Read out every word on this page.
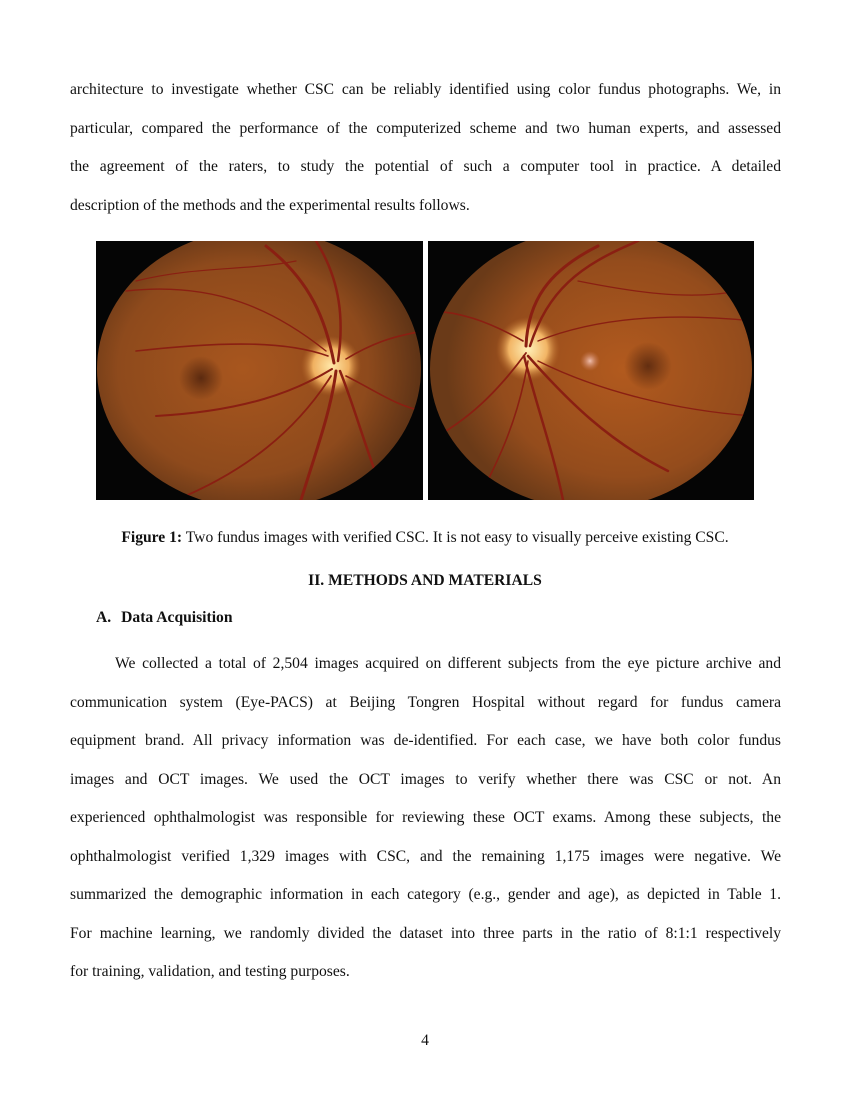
architecture to investigate whether CSC can be reliably identified using color fundus photographs. We, in
particular, compared the performance of the computerized scheme and two human experts, and assessed
the agreement of the raters, to study the potential of such a computer tool in practice. A detailed
description of the methods and the experimental results follows.

Figure 1: Two fundus images with verified CSC. It is not easy to visually perceive existing CSC.

II. METHODS AND MATERIALS
A. Data Acquisition
We collected a total of 2,504 images acquired on different subjects from the eye picture archive and
communication system (Eye-PACS) at Beijing Tongren Hospital without regard for fundus camera
equipment brand. All privacy information was de-identified. For each case, we have both color fundus
images and OCT images. We used the OCT images to verify whether there was CSC or not. An
experienced ophthalmologist was responsible for reviewing these OCT exams. Among these subjects, the
ophthalmologist verified 1,329 images with CSC, and the remaining 1,175 images were negative. We
summarized the demographic information in each category (e.g., gender and age), as depicted in Table 1.
For machine learning, we randomly divided the dataset into three parts in the ratio of 8:1:1 respectively
for training, validation, and testing purposes.
4
